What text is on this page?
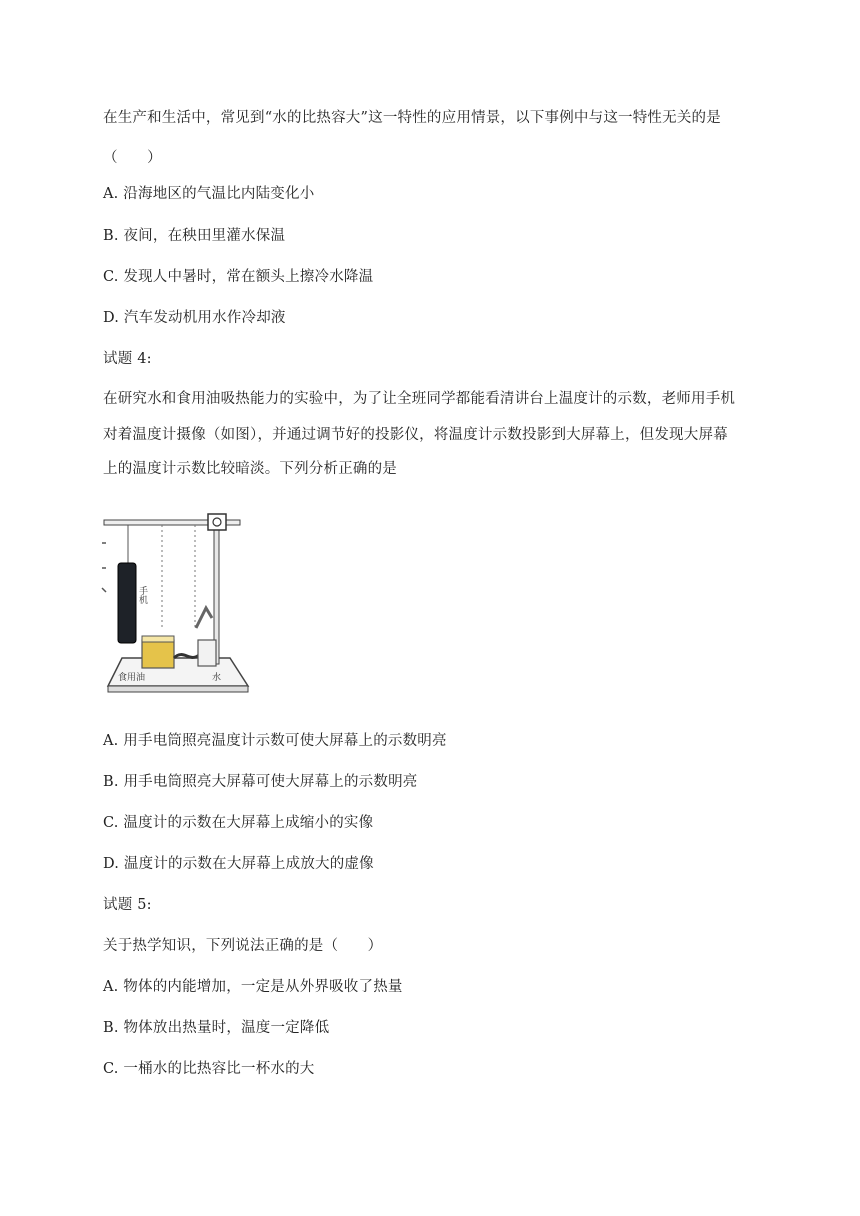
在生产和生活中，常见到“水的比热容大”这一特性的应用情景，以下事例中与这一特性无关的是
（　　）
A. 沿海地区的气温比内陆变化小
B. 夜间，在秧田里灌水保温
C. 发现人中暑时，常在额头上擦冷水降温
D. 汽车发动机用水作冷却液
试题 4:
在研究水和食用油吸热能力的实验中，为了让全班同学都能看清讲台上温度计的示数，老师用手机
对着温度计摄像（如图），并通过调节好的投影仪，将温度计示数投影到大屏幕上，但发现大屏幕
上的温度计示数比较暗淡。下列分析正确的是
手机
食用油	水
A. 用手电筒照亮温度计示数可使大屏幕上的示数明亮
B. 用手电筒照亮大屏幕可使大屏幕上的示数明亮
C. 温度计的示数在大屏幕上成缩小的实像
D. 温度计的示数在大屏幕上成放大的虚像
试题 5:
关于热学知识，下列说法正确的是（　　）
A. 物体的内能增加，一定是从外界吸收了热量
B. 物体放出热量时，温度一定降低
C. 一桶水的比热容比一杯水的大
